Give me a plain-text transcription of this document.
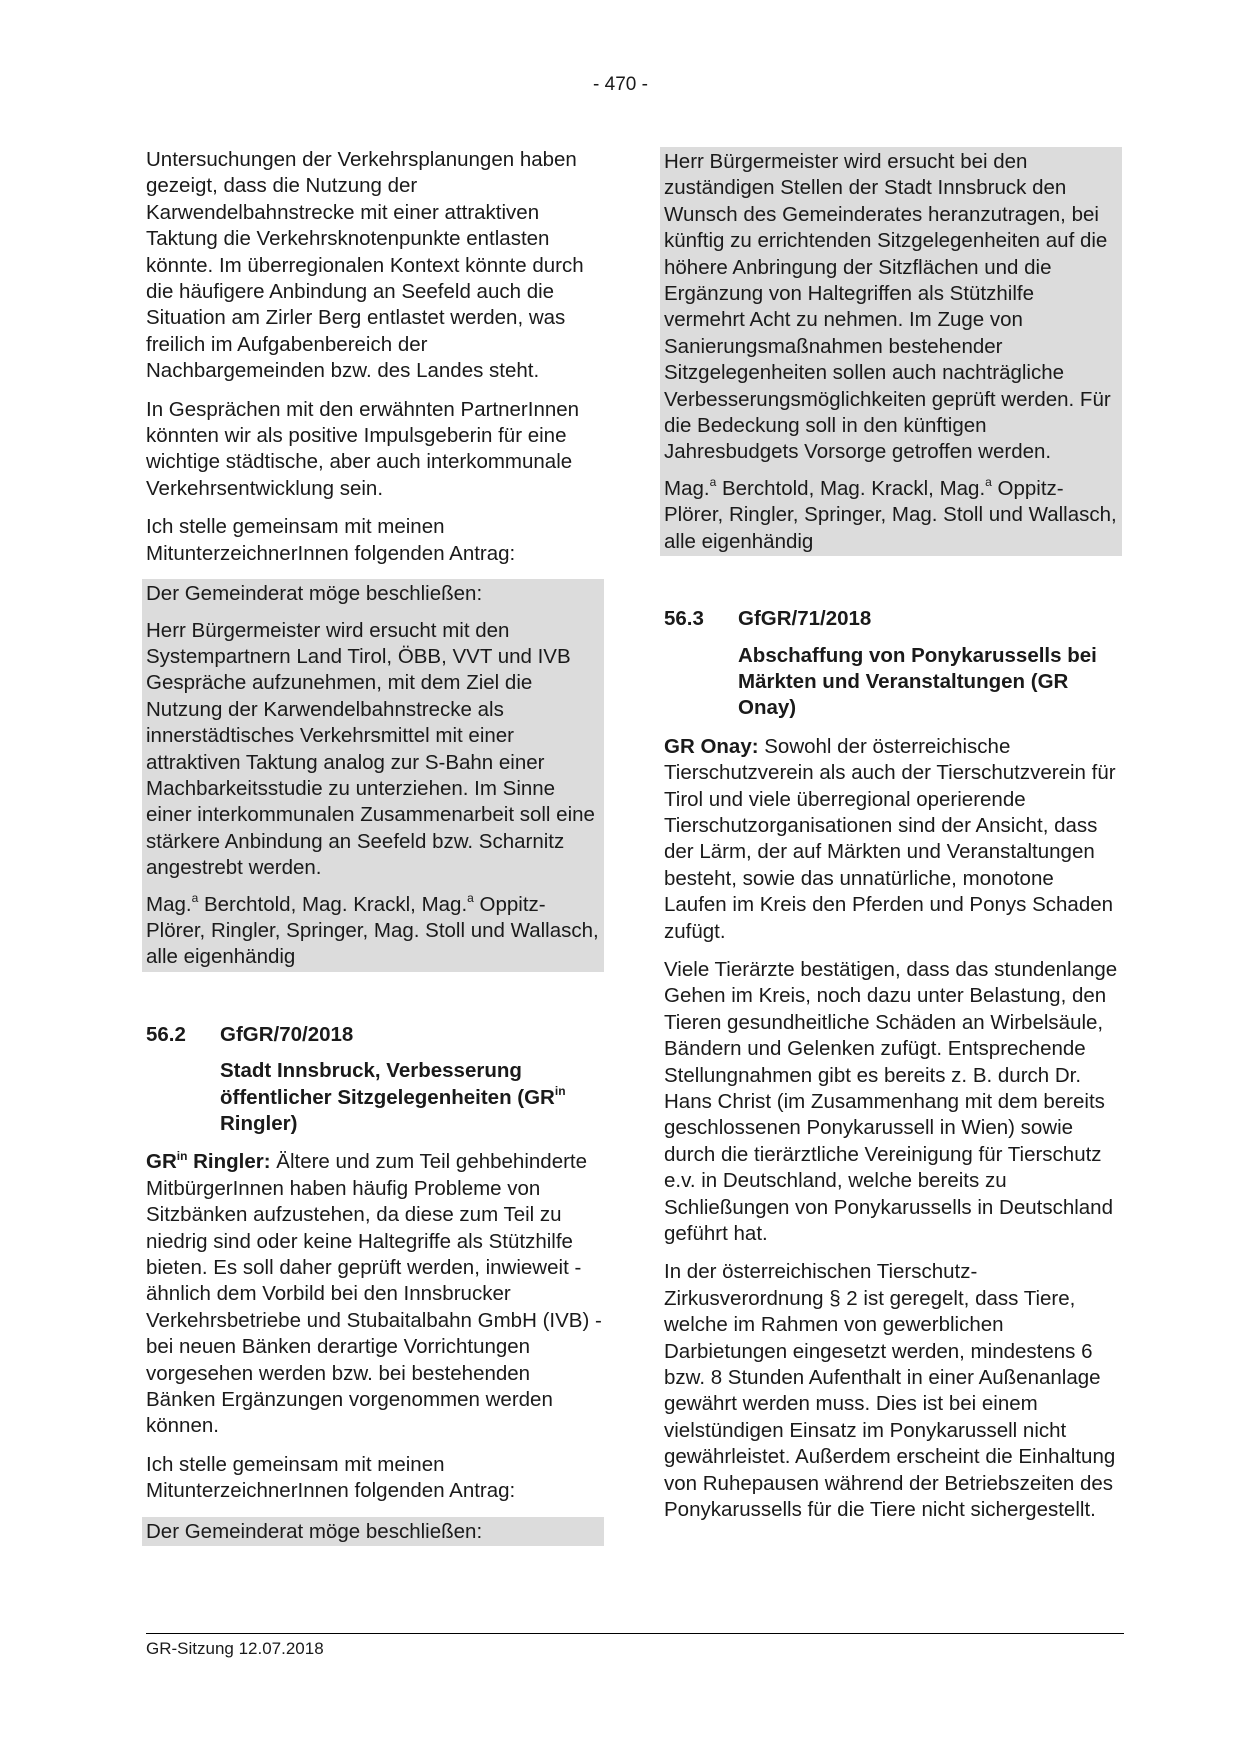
- 470 -

Untersuchungen der Verkehrsplanungen haben gezeigt, dass die Nutzung der Karwendelbahnstrecke mit einer attraktiven Taktung die Verkehrsknotenpunkte entlasten könnte. Im überregionalen Kontext könnte durch die häufigere Anbindung an Seefeld auch die Situation am Zirler Berg entlastet werden, was freilich im Aufgabenbereich der Nachbargemeinden bzw. des Landes steht.

In Gesprächen mit den erwähnten PartnerInnen könnten wir als positive Impulsgeberin für eine wichtige städtische, aber auch interkommunale Verkehrsentwicklung sein.

Ich stelle gemeinsam mit meinen MitunterzeichnerInnen folgenden Antrag:

Der Gemeinderat möge beschließen:

Herr Bürgermeister wird ersucht mit den Systempartnern Land Tirol, ÖBB, VVT und IVB Gespräche aufzunehmen, mit dem Ziel die Nutzung der Karwendelbahnstrecke als innerstädtisches Verkehrsmittel mit einer attraktiven Taktung analog zur S-Bahn einer Machbarkeitsstudie zu unterziehen. Im Sinne einer interkommunalen Zusammenarbeit soll eine stärkere Anbindung an Seefeld bzw. Scharnitz angestrebt werden.

Mag.$^a$ Berchtold, Mag. Krackl, Mag.$^a$ Oppitz-Plörer, Ringler, Springer, Mag. Stoll und Wallasch, alle eigenhändig

56.2	GfGR/70/2018
Stadt Innsbruck, Verbesserung öffentlicher Sitzgelegenheiten ($GR^{in}$ Ringler)

$GR^{in}$ Ringler: Ältere und zum Teil gehbehinderte MitbürgerInnen haben häufig Probleme von Sitzbänken aufzustehen, da diese zum Teil zu niedrig sind oder keine Haltegriffe als Stützhilfe bieten. Es soll daher geprüft werden, inwieweit - ähnlich dem Vorbild bei den Innsbrucker Verkehrsbetriebe und Stubaitalbahn GmbH (IVB) - bei neuen Bänken derartige Vorrichtungen vorgesehen werden bzw. bei bestehenden Bänken Ergänzungen vorgenommen werden können.

Ich stelle gemeinsam mit meinen MitunterzeichnerInnen folgenden Antrag:

Der Gemeinderat möge beschließen:

Herr Bürgermeister wird ersucht bei den zuständigen Stellen der Stadt Innsbruck den Wunsch des Gemeinderates heranzutragen, bei künftig zu errichtenden Sitzgelegenheiten auf die höhere Anbringung der Sitzflächen und die Ergänzung von Haltegriffen als Stützhilfe vermehrt Acht zu nehmen. Im Zuge von Sanierungsmaßnahmen bestehender Sitzgelegenheiten sollen auch nachträgliche Verbesserungsmöglichkeiten geprüft werden. Für die Bedeckung soll in den künftigen Jahresbudgets Vorsorge getroffen werden.

Mag.$^a$ Berchtold, Mag. Krackl, Mag.$^a$ Oppitz-Plörer, Ringler, Springer, Mag. Stoll und Wallasch, alle eigenhändig

56.3	GfGR/71/2018
Abschaffung von Ponykarussells bei Märkten und Veranstaltungen (GR Onay)

GR Onay: Sowohl der österreichische Tierschutzverein als auch der Tierschutzverein für Tirol und viele überregional operierende Tierschutzorganisationen sind der Ansicht, dass der Lärm, der auf Märkten und Veranstaltungen besteht, sowie das unnatürliche, monotone Laufen im Kreis den Pferden und Ponys Schaden zufügt.

Viele Tierärzte bestätigen, dass das stundenlange Gehen im Kreis, noch dazu unter Belastung, den Tieren gesundheitliche Schäden an Wirbelsäule, Bändern und Gelenken zufügt. Entsprechende Stellungnahmen gibt es bereits z. B. durch Dr. Hans Christ (im Zusammenhang mit dem bereits geschlossenen Ponykarussell in Wien) sowie durch die tierärztliche Vereinigung für Tierschutz e.v. in Deutschland, welche bereits zu Schließungen von Ponykarussells in Deutschland geführt hat.

In der österreichischen Tierschutz-Zirkusverordnung § 2 ist geregelt, dass Tiere, welche im Rahmen von gewerblichen Darbietungen eingesetzt werden, mindestens 6 bzw. 8 Stunden Aufenthalt in einer Außenanlage gewährt werden muss. Dies ist bei einem vielstündigen Einsatz im Ponykarussell nicht gewährleistet. Außerdem erscheint die Einhaltung von Ruhepausen während der Betriebszeiten des Ponykarussells für die Tiere nicht sichergestellt.

GR-Sitzung 12.07.2018
